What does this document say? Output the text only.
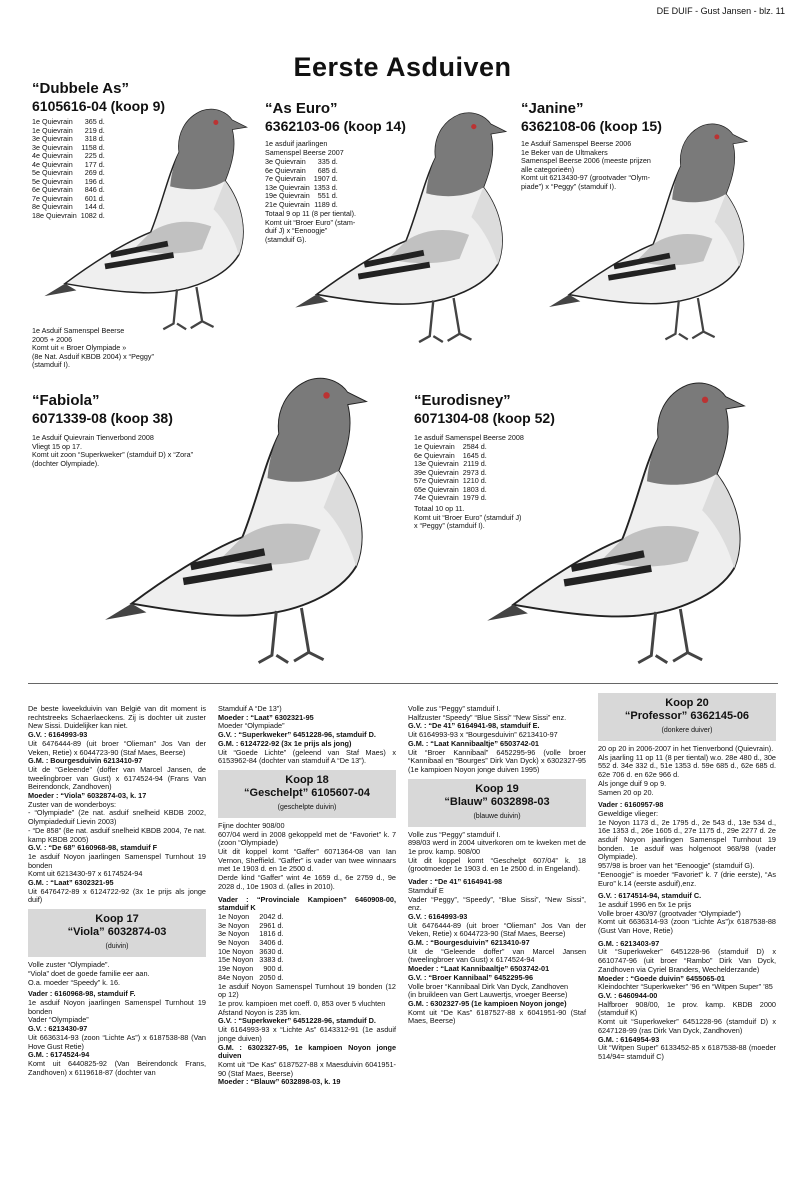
DE DUIF - Gust Jansen - blz. 11
Eerste Asduiven
“Dubbele As”
6105616-04 (koop 9)
1e Quievrain	365 d.
1e Quievrain	219 d.
3e Quievrain	318 d.
3e Quievrain	1158 d.
4e Quievrain	225 d.
4e Quievrain	177 d.
5e Quievrain	269 d.
5e Quievrain	196 d.
6e Quievrain	846 d.
7e Quievrain	601 d.
8e Quievrain	144 d.
18e Quievrain	1082 d.
1e Asduif Samenspel Beerse
2005 + 2006
Komt uit « Broer Olympiade »
(8e Nat. Asduif KBDB 2004) x “Peggy”
(stamduif I).
“As Euro”
6362103-06 (koop 14)
1e asduif jaarlingen
Samenspel Beerse 2007
3e Quievrain	335 d.
6e Quievrain	685 d.
7e Quievrain	1907 d.
13e Quievrain	1353 d.
19e Quievrain	551 d.
21e Quievrain	1189 d.
Totaal 9 op 11 (8 per tiental).
Komt uit “Broer Euro” (stam-
duif J) x “Eenoogje”
(stamduif G).
“Janine”
6362108-06 (koop 15)
1e Asduif Samenspel Beerse 2006
1e Beker van de Ultmakers
Samenspel Beerse 2006 (meeste prijzen
alle categorieën)
Komt uit 6213430-97 (grootvader “Olym-
piade”) x “Peggy” (stamduif I).
“Fabiola”
6071339-08 (koop 38)
1e Asduif Quievrain Tienverbond 2008
Vliegt 15 op 17.
Komt uit zoon “Superkweker” (stamduif D) x “Zora”
(dochter Olympiade).
“Eurodisney”
6071304-08 (koop 52)
1e asduif Samenspel Beerse 2008
1e Quievrain	2584 d.
6e Quievrain	1645 d.
13e Quievrain	2119 d.
39e Quievrain	2973 d.
57e Quievrain	1210 d.
65e Quievrain	1803 d.
74e Quievrain	1979 d.
Totaal 10 op 11.
Komt uit “Broer Euro” (stamduif J)
x “Peggy” (stamduif I).

De beste kweekduivin van België van dit moment is rechtstreeks Schaerlaeckens. Zij is dochter uit zuster New Sissi. Duidelijker kan niet.

G.V. : 6164993-93

Uit 6476444-89 (uit broer “Olieman” Jos Van der Veken, Retie) x 6044723-90 (Staf Maes, Beerse)

G.M. : Bourgesduivin 6213410-97

Uit de “Geleende” (doffer van Marcel Jansen, de tweelingbroer van Gust) x 6174524-94 (Frans Van Beirendonck, Zandhoven)

Moeder : “Viola” 6032874-03, k. 17

Zuster van de wonderboys:
- “Olympiade” (2e nat. asduif snelheid KBDB 2002, Olympiadeduif Lievin 2003)
- “De 858” (8e nat. asduif snelheid KBDB 2004, 7e nat. kamp KBDB 2005)

G.V. : “De 68” 6160968-98, stamduif F

1e asduif Noyon jaarlingen Samenspel Turnhout 19 bonden
Komt uit 6213430-97 x 6174524-94

G.M. : “Laat” 6302321-95

Uit 6476472-89 x 6124722-92 (3x 1e prijs als jonge duif)

Koop 17
“Viola” 6032874-03
(duivin)

Volle zuster “Olympiade”.
“Viola” doet de goede familie eer aan.
O.a. moeder “Speedy” k. 16.

Vader : 6160968-98, stamduif F.

1e asduif Noyon jaarlingen Samenspel Turnhout 19 bonden
Vader “Olympiade”

G.V. : 6213430-97

Uit 6636314-93 (zoon “Lichte As”) x 6187538-88 (Van Hove Gust Retie)

G.M. : 6174524-94

Komt uit 6440825-92 (Van Beirendonck Frans, Zandhoven) x 6119618-87 (dochter van

Stamduif A “De 13”)

Moeder : “Laat” 6302321-95

Moeder “Olympiade”

G.V. : “Superkweker” 6451228-96, stamduif D.

G.M. : 6124722-92 (3x 1e prijs als jong)

Uit “Goede Lichte” (geleend van Staf Maes) x 6153962-84 (dochter van stamduif A “De 13”).

Koop 18
“Geschelpt” 6105607-04
(geschelpte duivin)

Fijne dochter 908/00
607/04 werd in 2008 gekoppeld met de “Favoriet” k. 7 (zoon “Olympiade)
Uit dit koppel komt “Gaffer” 6071364-08 van Ian Vernon, Sheffield. “Gaffer” is vader van twee winnaars met 1e 1903 d. en 1e 2500 d.
Derde kind “Gaffer” wint 4e 1659 d., 6e 2759 d., 9e 2028 d., 10e 1903 d. (alles in 2010).

Vader : “Provinciale Kampioen” 6460908-00, stamduif K

1e Noyon	2042 d.
3e Noyon	2961 d.
3e Noyon	1816 d.
9e Noyon	3406 d.
10e Noyon	3630 d.
15e Noyon	3383 d.
19e Noyon	900 d.
84e Noyon	2050 d.

1e asduif Noyon Samenspel Turnhout 19 bonden (12 op 12)
1e prov. kampioen met coeff. 0, 853 over 5 vluchten
Afstand Noyon is 235 km.

G.V. : “Superkweker” 6451228-96, stamduif D.

Uit 6164993-93 x “Lichte As” 6143312-91 (1e asduif jonge duiven)

G.M. : 6302327-95, 1e kampioen Noyon jonge duiven

Komt uit “De Kas” 6187527-88 x Maesduivin 6041951-90 (Staf Maes, Beerse)

Moeder : “Blauw” 6032898-03, k. 19

Volle zus “Peggy” stamduif I.
Halfzuster “Speedy” “Blue Sissi” “New Sissi” enz.

G.V. : “De 41” 6164941-98, stamduif E.

Uit 6164993-93 x “Bourgesduivin” 6213410-97

G.M. : “Laat Kannibaaltje” 6503742-01

Uit “Broer Kannibaal” 6452295-96 (volle broer “Kannibaal en “Bourges” Dirk Van Dyck) x 6302327-95 (1e kampioen Noyon jonge duiven 1995)

Koop 19
“Blauw” 6032898-03
(blauwe duivin)

Volle zus “Peggy” stamduif I.
898/03 werd in 2004 uitverkoren om te kweken met de 1e prov. kamp. 908/00
Uit dit koppel komt “Geschelpt 607/04” k. 18 (grootmoeder 1e 1903 d. en 1e 2500 d. in Engeland).

Vader : “De 41” 6164941-98

Stamduif E
Vader “Peggy”, “Speedy”, “Blue Sissi”, “New Sissi”, enz.

G.V. : 6164993-93

Uit 6476444-89 (uit broer “Olieman” Jos Van der Veken, Retie) x 6044723-90 (Staf Maes, Beerse)

G.M. : “Bourgesduivin” 6213410-97

Uit de “Geleende doffer” van Marcel Jansen (tweelingbroer van Gust) x 6174524-94

Moeder : “Laat Kannibaaltje” 6503742-01

G.V. : “Broer Kannibaal” 6452295-96

Volle broer “Kannibaal Dirk Van Dyck, Zandhoven
(in bruikleen van Gert Lauwertjs, vroeger Beerse)

G.M. : 6302327-95 (1e kampioen Noyon jonge)

Komt uit “De Kas” 6187527-88 x 6041951-90 (Staf Maes, Beerse)

Koop 20
“Professor” 6362145-06
(donkere duiver)

20 op 20 in 2006-2007 in het Tienverbond (Quievrain).
Als jaarling 11 op 11 (8 per tiental) w.o. 28e 480 d., 30e 552 d. 34e 332 d., 51e 1353 d. 59e 685 d., 62e 685 d. 62e 706 d. en 62e 966 d.
Als jonge duif 9 op 9.
Samen 20 op 20.

Vader : 6160957-98

Geweldige vlieger:
1e Noyon 1173 d., 2e 1795 d., 2e 543 d., 13e 534 d., 16e 1353 d., 26e 1605 d., 27e 1175 d., 29e 2277 d. 2e asduif Noyon jaarlingen Samenspel Turnhout 19 bonden. 1e asduif was holgenoot 968/98 (vader Olympiade).
957/98 is broer van het “Eenoogje” (stamduif G).
“Eenoogje” is moeder “Favoriet” k. 7 (drie eerste), “As Euro” k.14 (eerste asduif),enz.

G.V. : 6174514-94, stamduif C.

1e asduif 1996 en 5x 1e prijs
Volle broer 430/97 (grootvader “Olympiade”)
Komt uit 6636314-93 (zoon “Lichte As”)x 6187538-88 (Gust Van Hove, Retie)

G.M. : 6213403-97

Uit “Superkweker” 6451228-96 (stamduif D) x 6610747-96 (uit broer “Rambo” Dirk Van Dyck, Zandhoven via Cyriel Branders, Wechelderzande)

Moeder : “Goede duivin” 6455065-01

Kleindochter “Superkweker” ’96 en “Witpen Super” ’85

G.V. : 6460944-00

Halfbroer 908/00, 1e prov. kamp. KBDB 2000 (stamduif K)
Komt uit “Superkweker” 6451228-96 (stamduif D) x 6247128-99 (ras Dirk Van Dyck, Zandhoven)

G.M. : 6164954-93

Uit “Witpen Super” 6133452-85 x 6187538-88 (moeder 514/94= stamduif C)
